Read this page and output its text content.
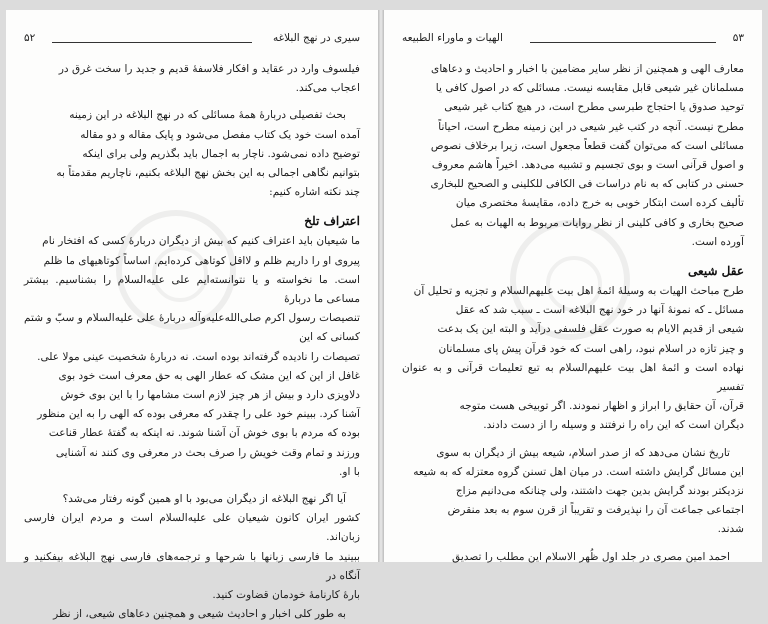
۵۲	سیری در نهج البلاغه

فیلسوف وارد در عقاید و افکار فلاسفهٔ قدیم و جدید را سخت غرق در

اعجاب می‌کند.

بحث تفصیلی دربارهٔ همهٔ مسائلی که در نهج البلاغه در این زمینه

آمده است خود یک کتاب مفصل می‌شود و پایک مقاله و دو مقاله

توضیح داده نمی‌شود. ناچار به اجمال باید بگذریم ولی برای اینکه

بتوانیم نگاهی اجمالی به این بخش نهج البلاغه بکنیم، ناچاریم مقدمتاً به

چند نکته اشاره کنیم:

اعتراف تلخ

ما شیعیان باید اعتراف کنیم که بیش از دیگران دربارهٔ کسی که افتخار نام

پیروی او را داریم ظلم و لااقل کوتاهی کرده‌ایم. اساساً کوتاهیهای ما ظلم

است. ما نخواسته و یا نتوانسته‌ایم علی علیه‌السلام را بشناسیم. بیشتر مساعی ما دربارهٔ

تنصیصات رسول اکرم صلی‌الله‌علیه‌وآله دربارهٔ علی علیه‌السلام و سبّ و شتم کسانی که این

تصیصات را نادیده گرفته‌اند بوده است. نه دربارهٔ شخصیت عینی مولا علی.

غافل از این که این مشک که عطار الهی به حق معرف است خود بوی

دلاویزی دارد و بیش از هر چیز لازم است مشامها را با این بوی خوش

آشنا کرد. ببینم خود علی را چقدر که معرفی بوده که الهی را به این منظور

بوده که مردم با بوی خوش آن آشنا شوند. نه اینکه به گفتهٔ عطار قناعت

ورزند و تمام وقت خویش را صرف بحث در معرفی وی کنند نه آشنایی

با او.

آیا اگر نهج البلاغه از دیگران می‌بود با او همین گونه رفتار می‌شد؟

کشور ایران کانون شیعیان علی علیه‌السلام است و مردم ایران فارسی زبان‌اند.

ببینید ما فارسی زبانها با شرحها و ترجمه‌های فارسی نهج البلاغه بیفکنید و آنگاه در

بارهٔ کارنامهٔ خودمان قضاوت کنید.

به طور کلی اخبار و احادیث شیعی و همچنین دعاهای شیعی، از نظر

الهیات و ماوراء الطبیعه	۵۳

معارف الهی و همچنین از نظر سایر مضامین با اخبار و احادیث و دعاهای

مسلمانان غیر شیعی قابل مقایسه نیست. مسائلی که در اصول کافی یا

توحید صدوق یا احتجاج طبرسی مطرح است، در هیچ کتاب غیر شیعی

مطرح نیست. آنچه در کتب غیر شیعی در این زمینه مطرح است، احیاناً

مسائلی است که می‌توان گفت قطعاً مجعول است، زیرا برخلاف نصوص

و اصول قرآنی است و بوی تجسیم و تشبیه می‌دهد. اخیراً هاشم معروف

حسنی در کتابی که به نام دراسات فی الکافی للکلینی و الصحیح للبخاری

تألیف کرده است ابتکار خوبی به خرج داده، مقایسهٔ مختصری میان

صحیح بخاری و کافی کلینی از نظر روایات مربوط به الهیات به عمل

آورده است.

عقل شیعی

طرح مباحث الهیات به وسیلهٔ ائمهٔ اهل بیت علیهم‌السلام و تجزیه و تحلیل آن

مسائل ـ که نمونهٔ آنها در خود نهج البلاغه است ـ سبب شد که عقل

شیعی از قدیم الایام به صورت عقل فلسفی درآید و البته این یک بدعت

و چیز تازه در اسلام نبود، راهی است که خود قرآن پیش پای مسلمانان

نهاده است و ائمهٔ اهل بیت علیهم‌السلام به تبع تعلیمات قرآنی و به عنوان تفسیر

قرآن، آن حقایق را ابراز و اظهار نمودند. اگر توبیخی هست متوجه

دیگران است که این راه را نرفتند و وسیله را از دست دادند.

تاریخ نشان می‌دهد که از صدر اسلام، شیعه بیش از دیگران به سوی

این مسائل گرایش داشته است. در میان اهل تسنن گروه معتزله که به شیعه

نزدیکتر بودند گرایش بدین جهت داشتند، ولی چنانکه می‌دانیم مزاج

اجتماعی جماعت آن را نپذیرفت و تقریباً از قرن سوم به بعد منقرض

شدند.

احمد امین مصری در جلد اول ظُهر الاسلام این مطلب را تصدیق
